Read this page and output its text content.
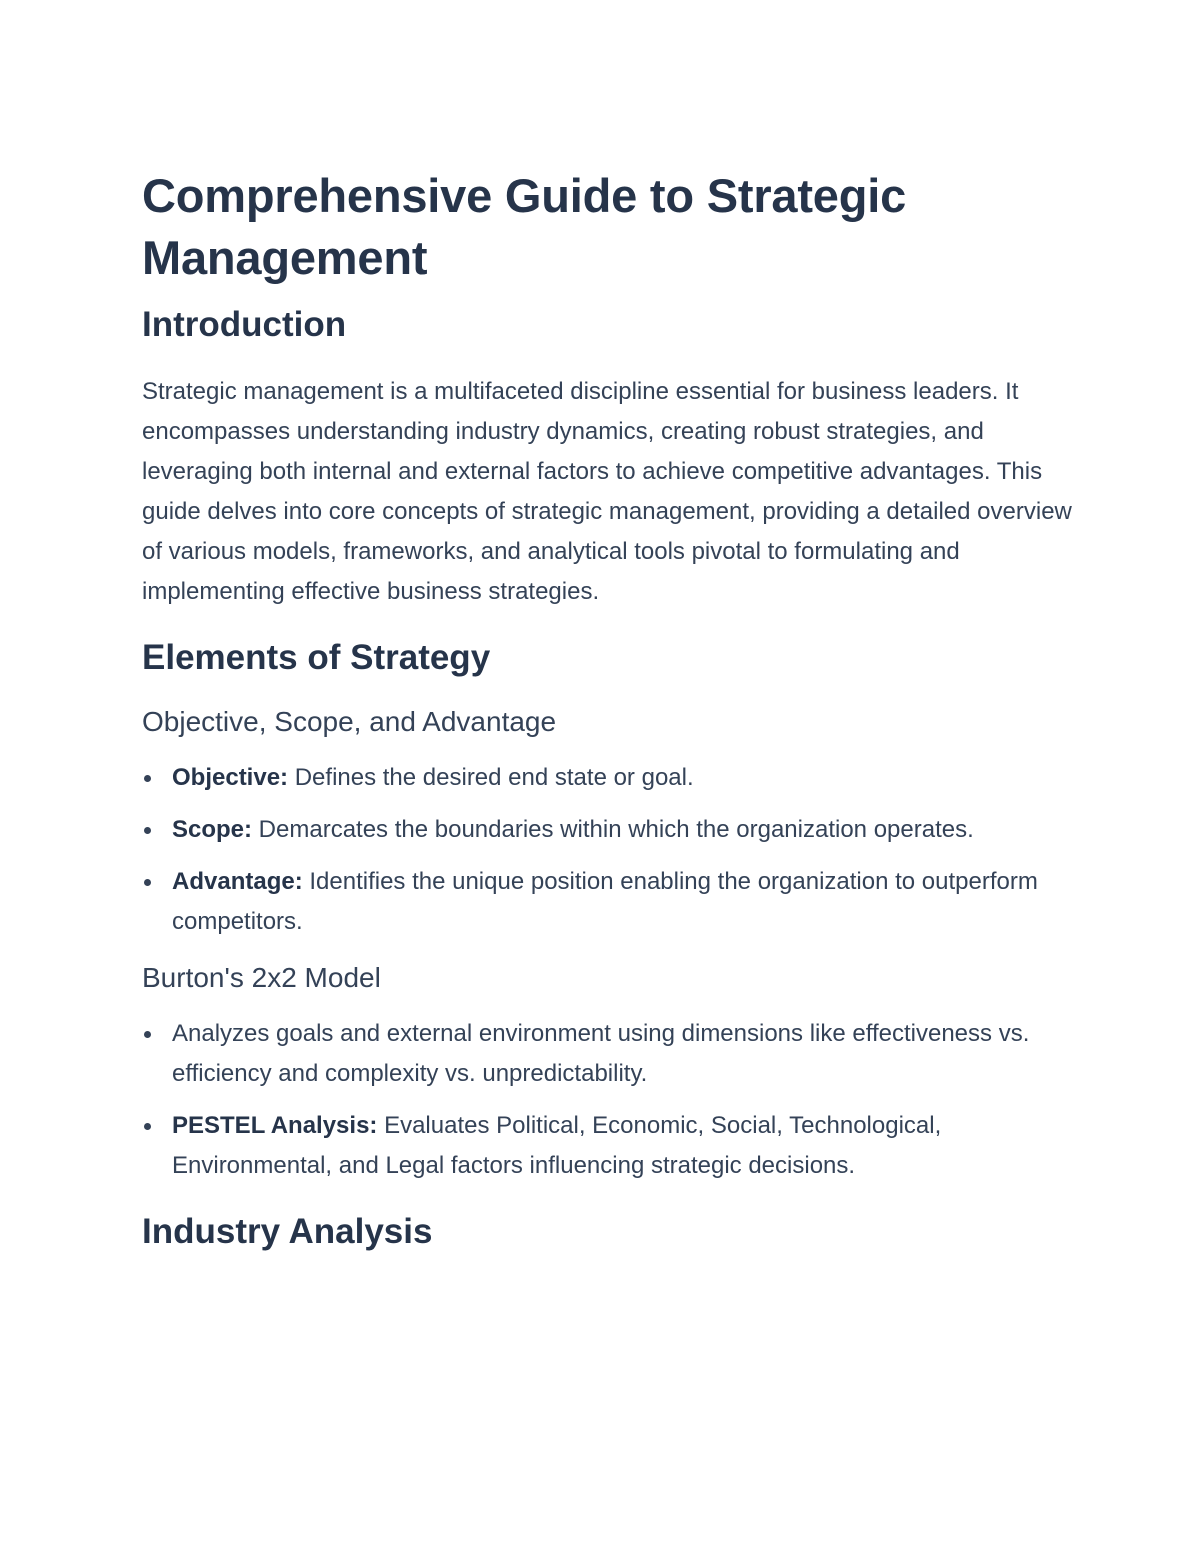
Comprehensive Guide to Strategic Management
Introduction

Strategic management is a multifaceted discipline essential for business leaders. It encompasses understanding industry dynamics, creating robust strategies, and leveraging both internal and external factors to achieve competitive advantages. This guide delves into core concepts of strategic management, providing a detailed overview of various models, frameworks, and analytical tools pivotal to formulating and implementing effective business strategies.

Elements of Strategy
Objective, Scope, and Advantage
Objective: Defines the desired end state or goal.
Scope: Demarcates the boundaries within which the organization operates.
Advantage: Identifies the unique position enabling the organization to outperform competitors.
Burton's 2x2 Model
Analyzes goals and external environment using dimensions like effectiveness vs. efficiency and complexity vs. unpredictability.
PESTEL Analysis: Evaluates Political, Economic, Social, Technological, Environmental, and Legal factors influencing strategic decisions.
Industry Analysis
